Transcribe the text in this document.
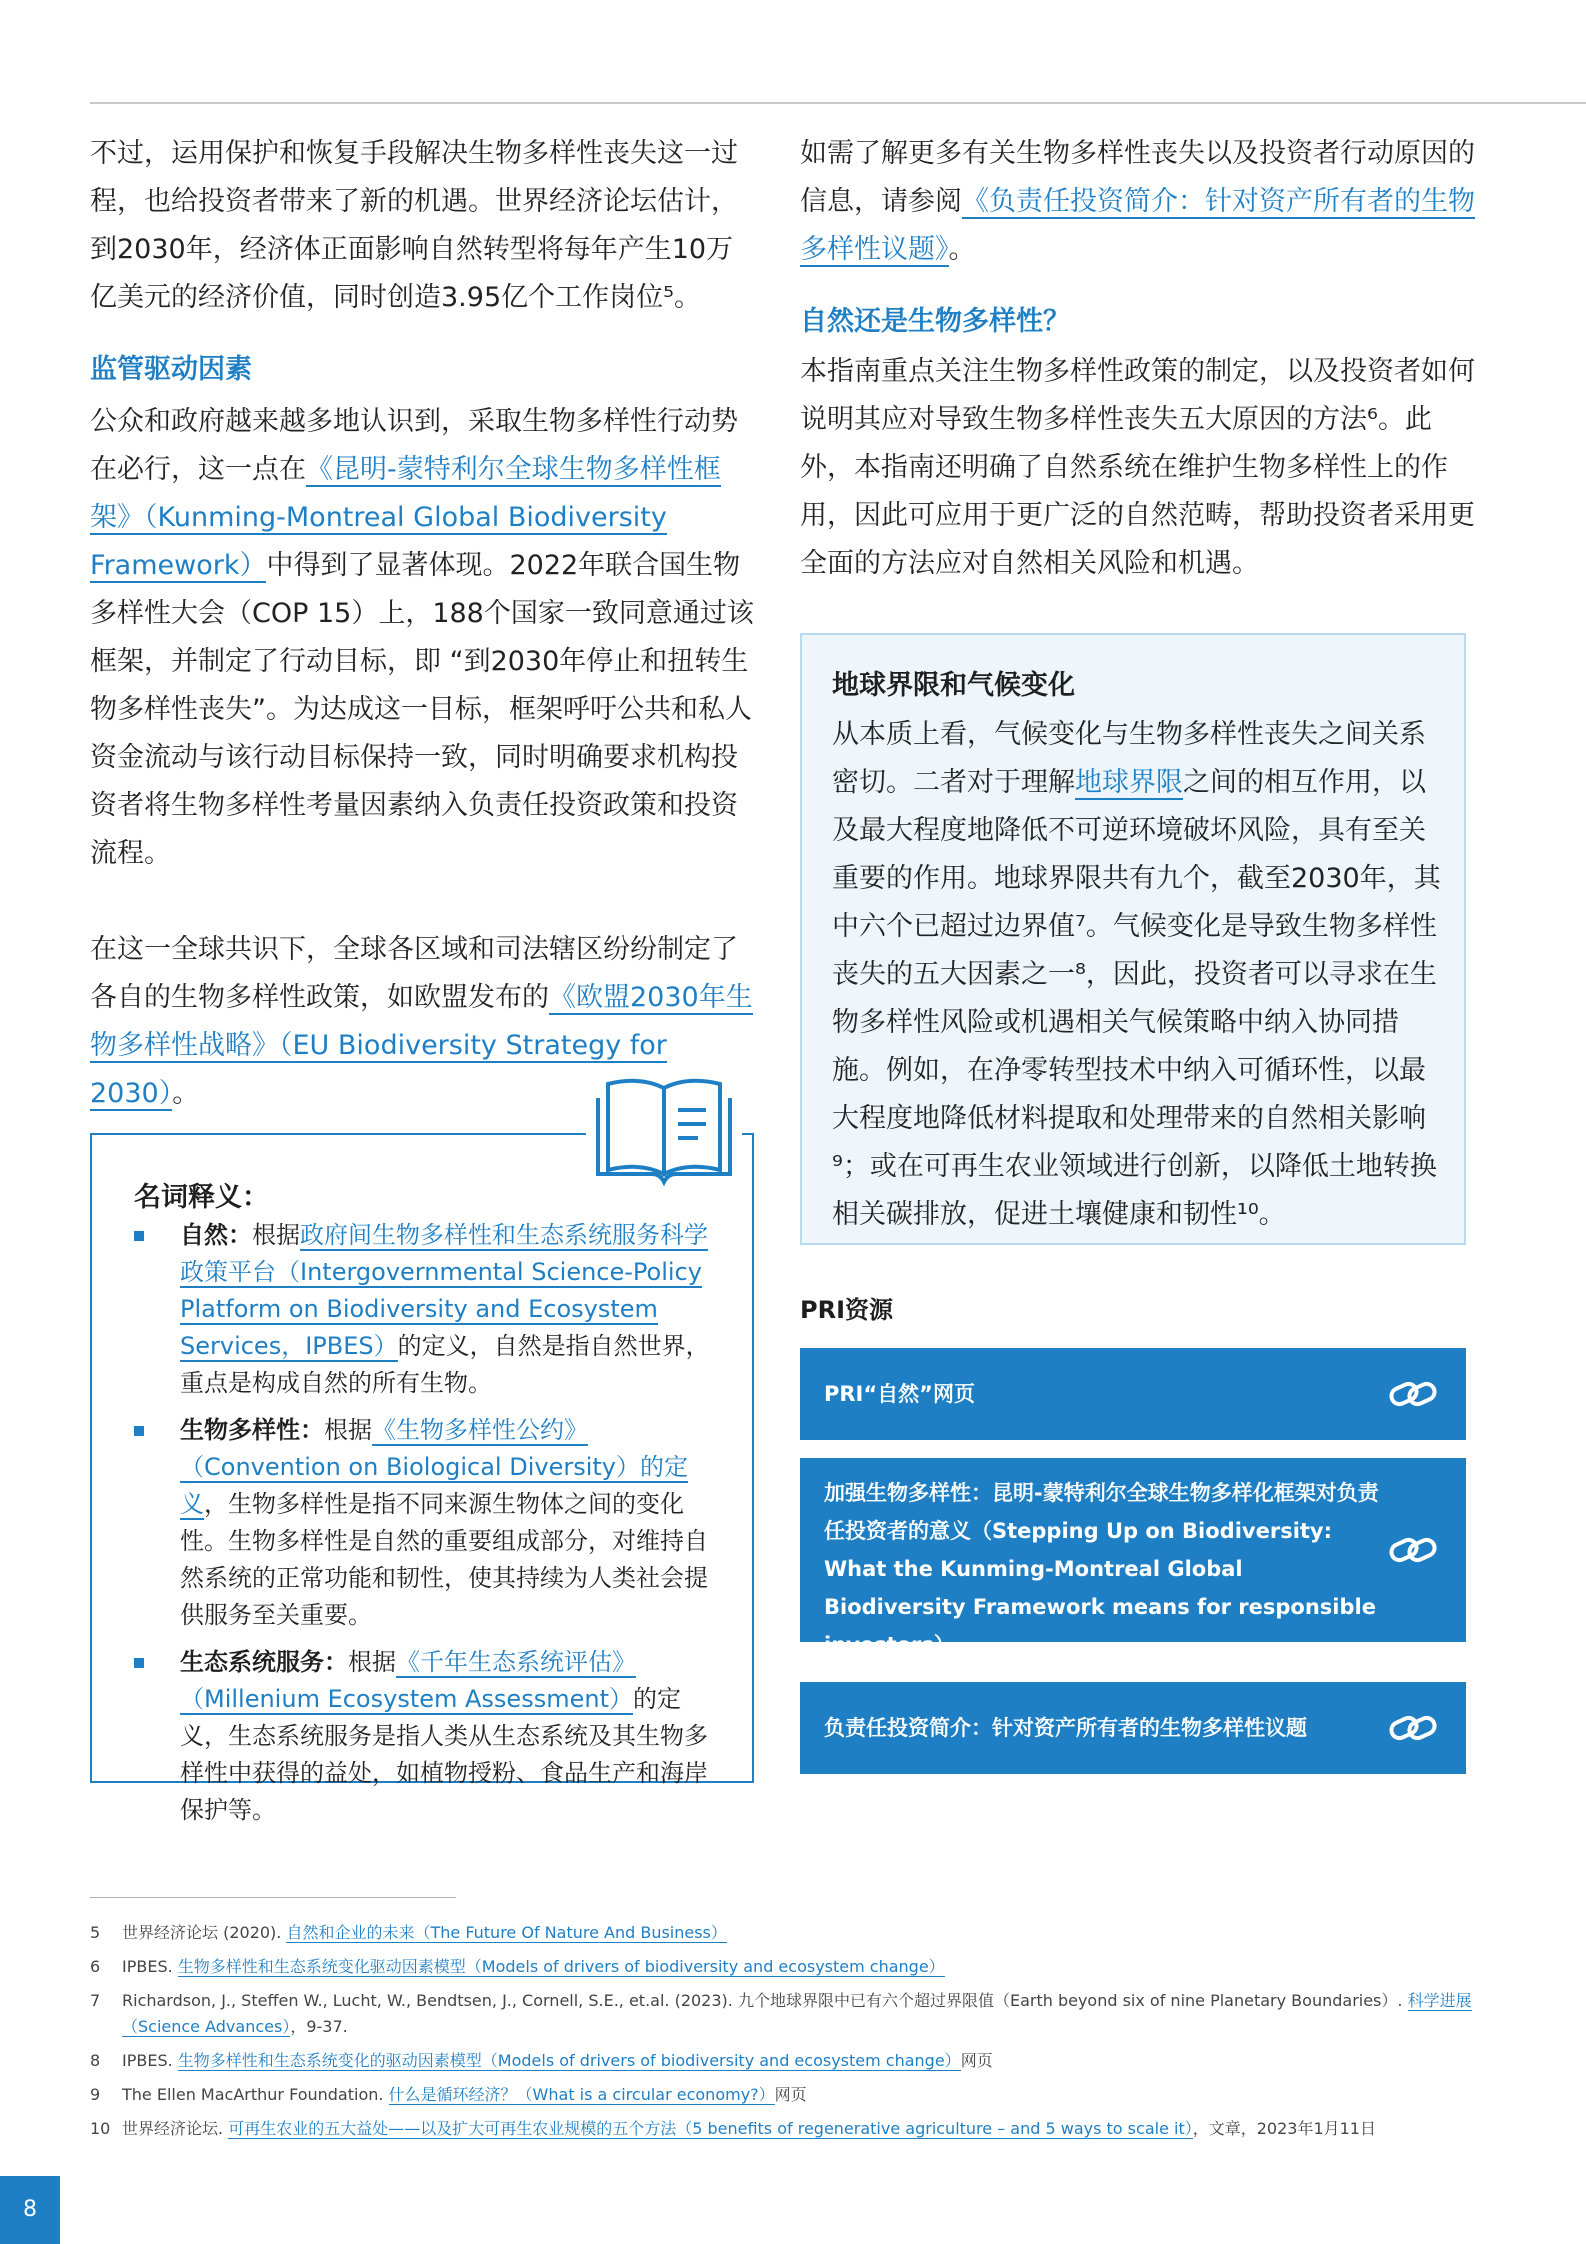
不过，运用保护和恢复手段解决生物多样性丧失这一过程，也给投资者带来了新的机遇。世界经济论坛估计，到2030年，经济体正面影响自然转型将每年产生10万亿美元的经济价值，同时创造3.95亿个工作岗位⁵。

监管驱动因素

公众和政府越来越多地认识到，采取生物多样性行动势在必行，这一点在《昆明-蒙特利尔全球生物多样性框架》（Kunming-Montreal Global Biodiversity Framework）中得到了显著体现。2022年联合国生物多样性大会（COP 15）上，188个国家一致同意通过该框架，并制定了行动目标，即 “到2030年停止和扭转生物多样性丧失”。为达成这一目标，框架呼吁公共和私人资金流动与该行动目标保持一致，同时明确要求机构投资者将生物多样性考量因素纳入负责任投资政策和投资流程。

在这一全球共识下，全球各区域和司法辖区纷纷制定了各自的生物多样性政策，如欧盟发布的《欧盟2030年生物多样性战略》（EU Biodiversity Strategy for 2030）。

名词释义：
自然：根据政府间生物多样性和生态系统服务科学政策平台（Intergovernmental Science-Policy Platform on Biodiversity and Ecosystem Services，IPBES）的定义，自然是指自然世界，重点是构成自然的所有生物。
生物多样性：根据《生物多样性公约》（Convention on Biological Diversity）的定义，生物多样性是指不同来源生物体之间的变化性。生物多样性是自然的重要组成部分，对维持自然系统的正常功能和韧性，使其持续为人类社会提供服务至关重要。
生态系统服务：根据《千年生态系统评估》（Millenium Ecosystem Assessment）的定义，生态系统服务是指人类从生态系统及其生物多样性中获得的益处，如植物授粉、食品生产和海岸保护等。

如需了解更多有关生物多样性丧失以及投资者行动原因的信息，请参阅《负责任投资简介：针对资产所有者的生物多样性议题》。

自然还是生物多样性？

本指南重点关注生物多样性政策的制定，以及投资者如何说明其应对导致生物多样性丧失五大原因的方法⁶。此外，本指南还明确了自然系统在维护生物多样性上的作用，因此可应用于更广泛的自然范畴，帮助投资者采用更全面的方法应对自然相关风险和机遇。

地球界限和气候变化

从本质上看，气候变化与生物多样性丧失之间关系密切。二者对于理解地球界限之间的相互作用，以及最大程度地降低不可逆环境破坏风险，具有至关重要的作用。地球界限共有九个，截至2030年，其中六个已超过边界值⁷。气候变化是导致生物多样性丧失的五大因素之一⁸，因此，投资者可以寻求在生物多样性风险或机遇相关气候策略中纳入协同措施。例如，在净零转型技术中纳入可循环性，以最大程度地降低材料提取和处理带来的自然相关影响⁹；或在可再生农业领域进行创新，以降低土地转换相关碳排放，促进土壤健康和韧性¹⁰。

PRI资源
PRI“自然”网页
加强生物多样性：昆明-蒙特利尔全球生物多样化框架对负责任投资者的意义（Stepping Up on Biodiversity: What the Kunming-Montreal Global Biodiversity Framework means for responsible investors）
负责任投资简介：针对资产所有者的生物多样性议题
5 世界经济论坛 (2020). 自然和企业的未来（The Future Of Nature And Business）
6 IPBES. 生物多样性和生态系统变化驱动因素模型（Models of drivers of biodiversity and ecosystem change）
7 Richardson, J., Steffen W., Lucht, W., Bendtsen, J., Cornell, S.E., et.al. (2023). 九个地球界限中已有六个超过界限值（Earth beyond six of nine Planetary Boundaries）. 科学进展（Science Advances），9-37.
8 IPBES. 生物多样性和生态系统变化的驱动因素模型（Models of drivers of biodiversity and ecosystem change）网页
9 The Ellen MacArthur Foundation. 什么是循环经济？（What is a circular economy?）网页
10 世界经济论坛. 可再生农业的五大益处——以及扩大可再生农业规模的五个方法（5 benefits of regenerative agriculture – and 5 ways to scale it），文章，2023年1月11日
8
